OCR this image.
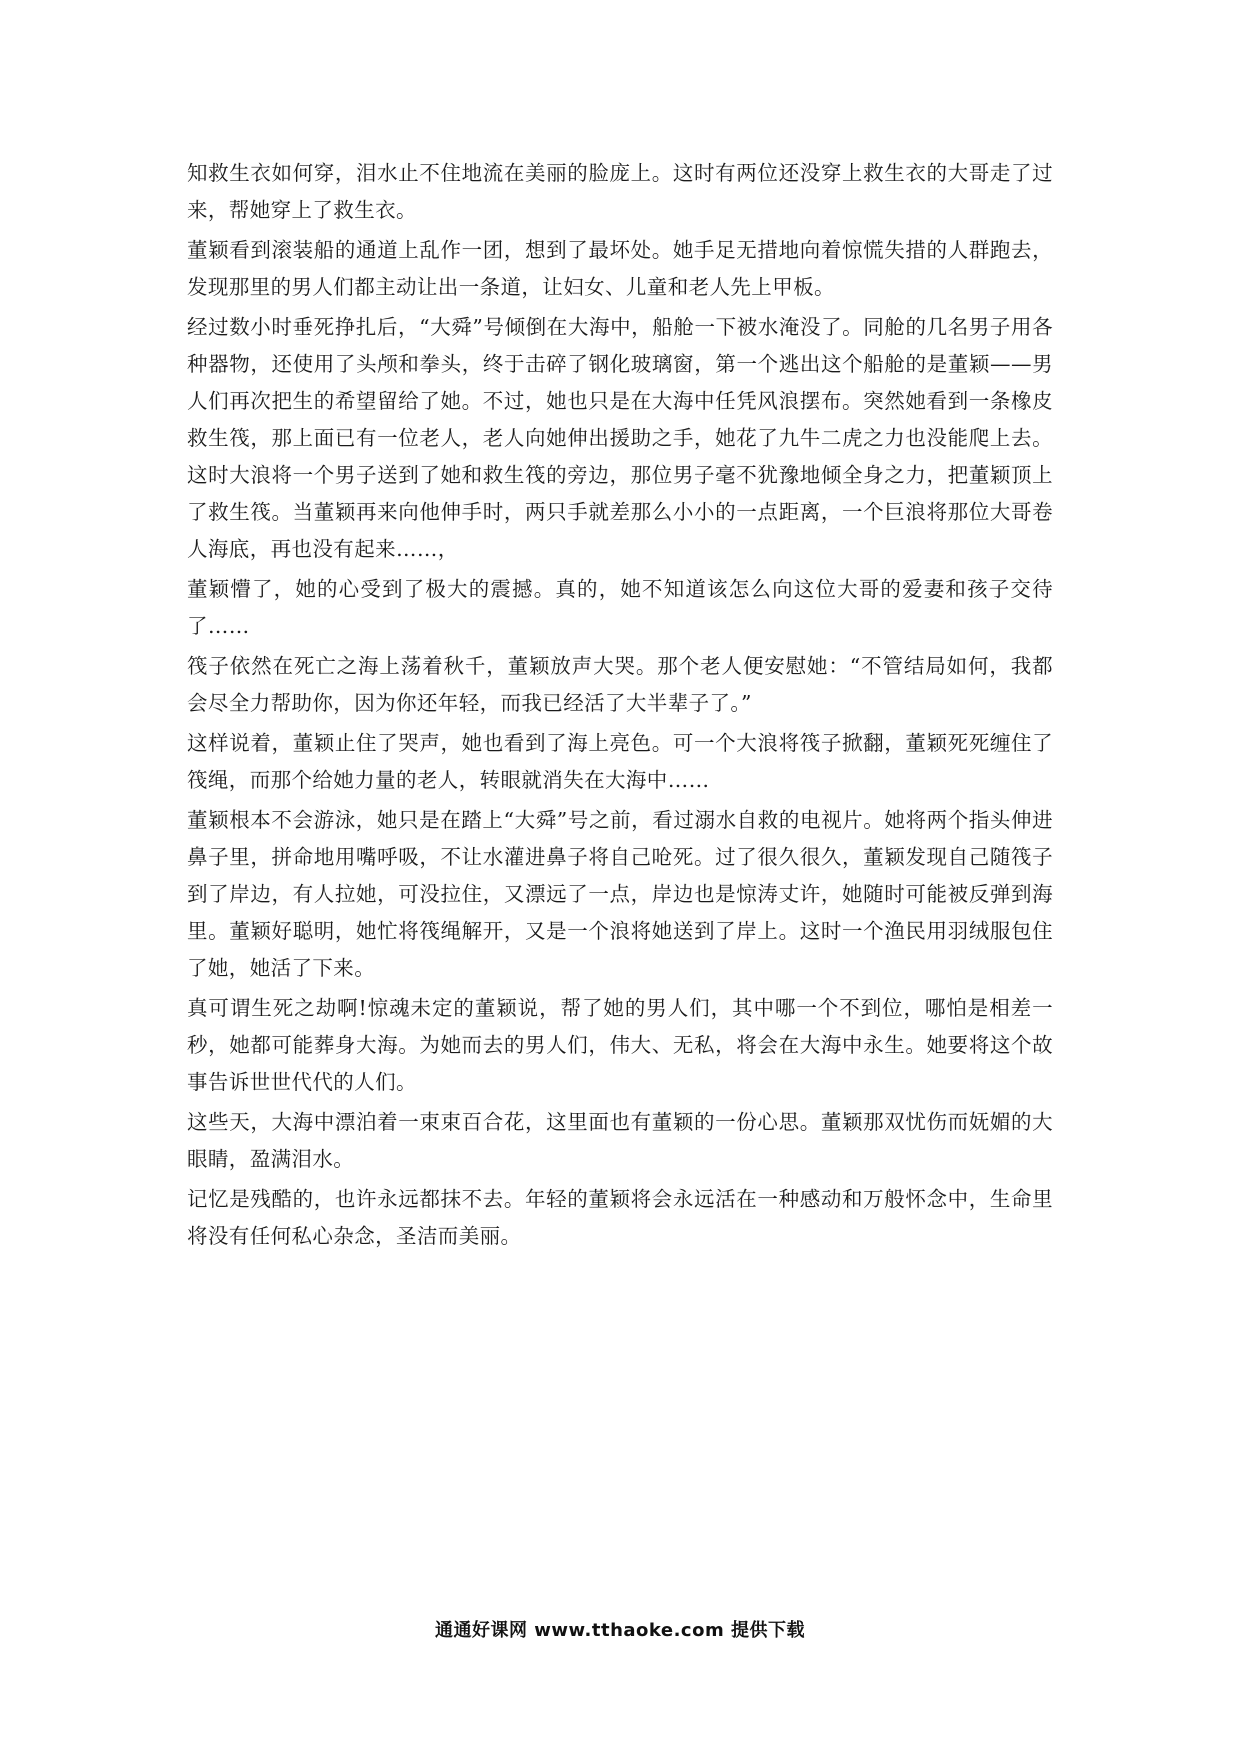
知救生衣如何穿，泪水止不住地流在美丽的脸庞上。这时有两位还没穿上救生衣的大哥走了过来，帮她穿上了救生衣。

董颖看到滚装船的通道上乱作一团，想到了最坏处。她手足无措地向着惊慌失措的人群跑去，发现那里的男人们都主动让出一条道，让妇女、儿童和老人先上甲板。

经过数小时垂死挣扎后，“大舜”号倾倒在大海中，船舱一下被水淹没了。同舱的几名男子用各种器物，还使用了头颅和拳头，终于击碎了钢化玻璃窗，第一个逃出这个船舱的是董颖——男人们再次把生的希望留给了她。不过，她也只是在大海中任凭风浪摆布。突然她看到一条橡皮救生筏，那上面已有一位老人，老人向她伸出援助之手，她花了九牛二虎之力也没能爬上去。这时大浪将一个男子送到了她和救生筏的旁边，那位男子毫不犹豫地倾全身之力，把董颖顶上了救生筏。当董颖再来向他伸手时，两只手就差那么小小的一点距离，一个巨浪将那位大哥卷人海底，再也没有起来……，

董颖懵了，她的心受到了极大的震撼。真的，她不知道该怎么向这位大哥的爱妻和孩子交待了……

筏子依然在死亡之海上荡着秋千，董颖放声大哭。那个老人便安慰她：“不管结局如何，我都会尽全力帮助你，因为你还年轻，而我已经活了大半辈子了。”

这样说着，董颖止住了哭声，她也看到了海上亮色。可一个大浪将筏子掀翻，董颖死死缠住了筏绳，而那个给她力量的老人，转眼就消失在大海中……

董颖根本不会游泳，她只是在踏上“大舜”号之前，看过溺水自救的电视片。她将两个指头伸进鼻子里，拼命地用嘴呼吸，不让水灌进鼻子将自己呛死。过了很久很久，董颖发现自己随筏子到了岸边，有人拉她，可没拉住，又漂远了一点，岸边也是惊涛丈许，她随时可能被反弹到海里。董颖好聪明，她忙将筏绳解开，又是一个浪将她送到了岸上。这时一个渔民用羽绒服包住了她，她活了下来。

真可谓生死之劫啊!惊魂未定的董颖说，帮了她的男人们，其中哪一个不到位，哪怕是相差一秒，她都可能葬身大海。为她而去的男人们，伟大、无私，将会在大海中永生。她要将这个故事告诉世世代代的人们。

这些天，大海中漂泊着一束束百合花，这里面也有董颖的一份心思。董颖那双忧伤而妩媚的大眼睛，盈满泪水。

记忆是残酷的，也许永远都抹不去。年轻的董颖将会永远活在一种感动和万般怀念中，生命里将没有任何私心杂念，圣洁而美丽。

通通好课网 www.tthaoke.com 提供下载
